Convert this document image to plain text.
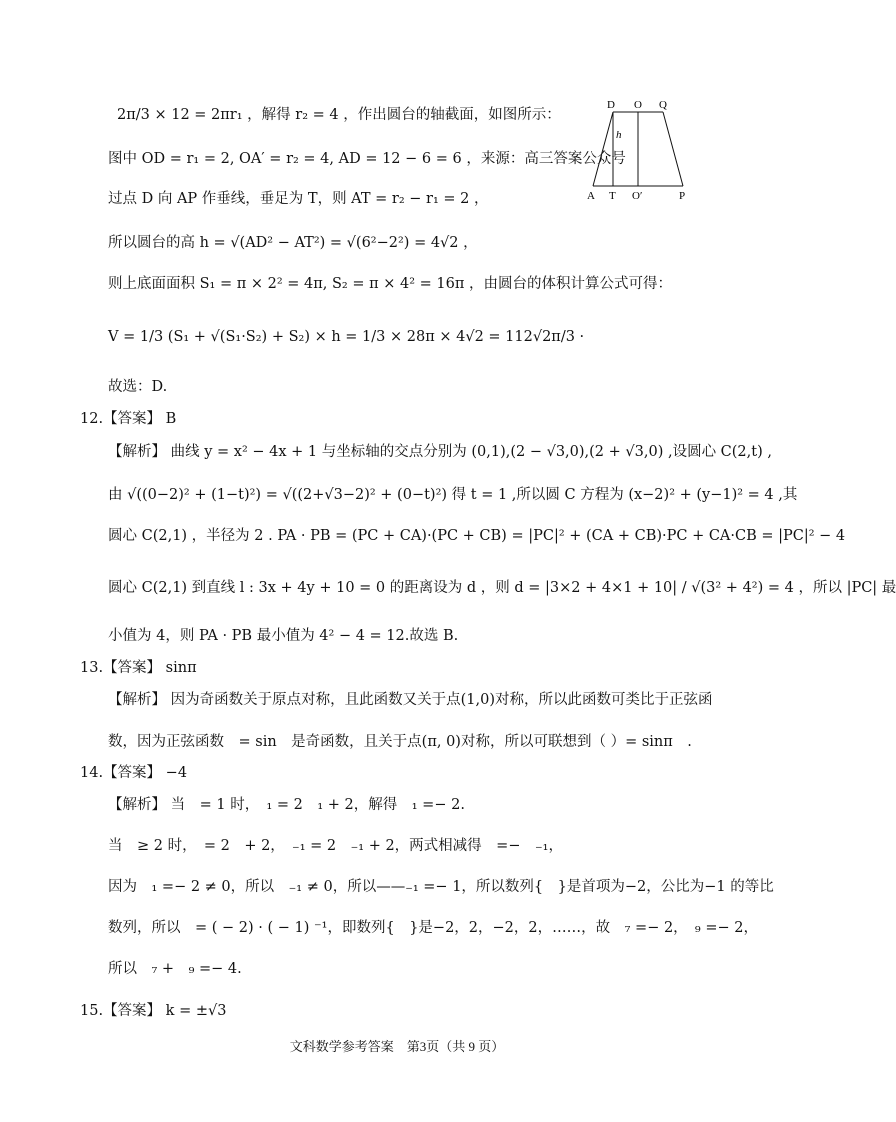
2π/3 × 12 = 2πr₁ ，解得 r₂ = 4 ，作出圆台的轴截面，如图所示：
图中 OD = r₁ = 2, OA′ = r₂ = 4, AD = 12 − 6 = 6 ，来源：高三答案公众号
过点 D 向 AP 作垂线，垂足为 T，则 AT = r₂ − r₁ = 2 ，
所以圆台的高 h = √(AD² − AT²) = √(6²−2²) = 4√2 ，
则上底面面积 S₁ = π × 2² = 4π, S₂ = π × 4² = 16π ，由圆台的体积计算公式可得：
V = 1/3 (S₁ + √(S₁·S₂) + S₂) × h = 1/3 × 28π × 4√2 = 112√2π/3 ·
故选：D.
12.【答案】 B
【解析】 曲线 y = x² − 4x + 1 与坐标轴的交点分别为 (0,1),(2 − √3,0),(2 + √3,0) ,设圆心 C(2,t) ,
由 √((0−2)² + (1−t)²) = √((2+√3−2)² + (0−t)²) 得 t = 1 ,所以圆 C 方程为 (x−2)² + (y−1)² = 4 ,其
圆心 C(2,1) ，半径为 2 . PA · PB = (PC + CA)·(PC + CB) = |PC|² + (CA + CB)·PC + CA·CB = |PC|² − 4
圆心 C(2,1) 到直线 l : 3x + 4y + 10 = 0 的距离设为 d ，则 d = |3×2 + 4×1 + 10| / √(3² + 4²) = 4 ，所以 |PC| 最
小值为 4，则 PA · PB 最小值为 4² − 4 = 12.故选 B.
13.【答案】 sinπ
【解析】 因为奇函数关于原点对称，且此函数又关于点(1,0)对称，所以此函数可类比于正弦函
数，因为正弦函数　= sin　是奇函数，且关于点(π, 0)对称，所以可联想到（ ）= sinπ　.
14.【答案】 −4
【解析】 当　= 1 时，　₁ = 2　₁ + 2，解得　₁ =− 2.
当　≥ 2 时，　= 2　+ 2，　₋₁ = 2　₋₁ + 2，两式相减得　=−　₋₁，
因为　₁ =− 2 ≠ 0，所以　₋₁ ≠ 0，所以——₋₁ =− 1，所以数列{　}是首项为−2，公比为−1 的等比
数列，所以　= ( − 2) · ( − 1) ⁻¹，即数列{　}是−2，2，−2，2，……，故　₇ =− 2，　₉ =− 2，
所以　₇ +　₉ =− 4.
15.【答案】 k = ±√3
D O Q
h
A T O′	P
文科数学参考答案　第3页（共 9 页）
